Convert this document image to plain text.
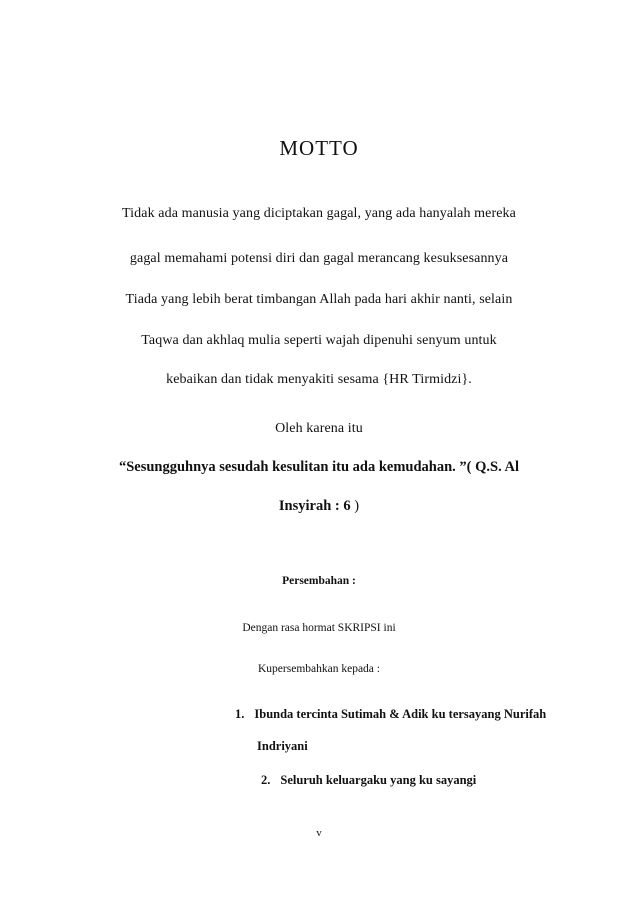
MOTTO
Tidak ada manusia yang diciptakan gagal, yang ada hanyalah mereka
gagal memahami potensi diri dan gagal merancang kesuksesannya
Tiada yang lebih berat timbangan Allah pada hari akhir nanti, selain
Taqwa dan akhlaq mulia seperti wajah dipenuhi senyum untuk
kebaikan dan tidak menyakiti sesama {HR Tirmidzi}.
Oleh karena itu
“Sesungguhnya sesudah kesulitan itu ada kemudahan. ”( Q.S. Al
Insyirah : 6 )
Persembahan :
Dengan rasa hormat SKRIPSI ini
Kupersembahkan kepada :
1. Ibunda tercinta Sutimah & Adik ku tersayang Nurifah
Indriyani
2. Seluruh keluargaku yang ku sayangi
v
